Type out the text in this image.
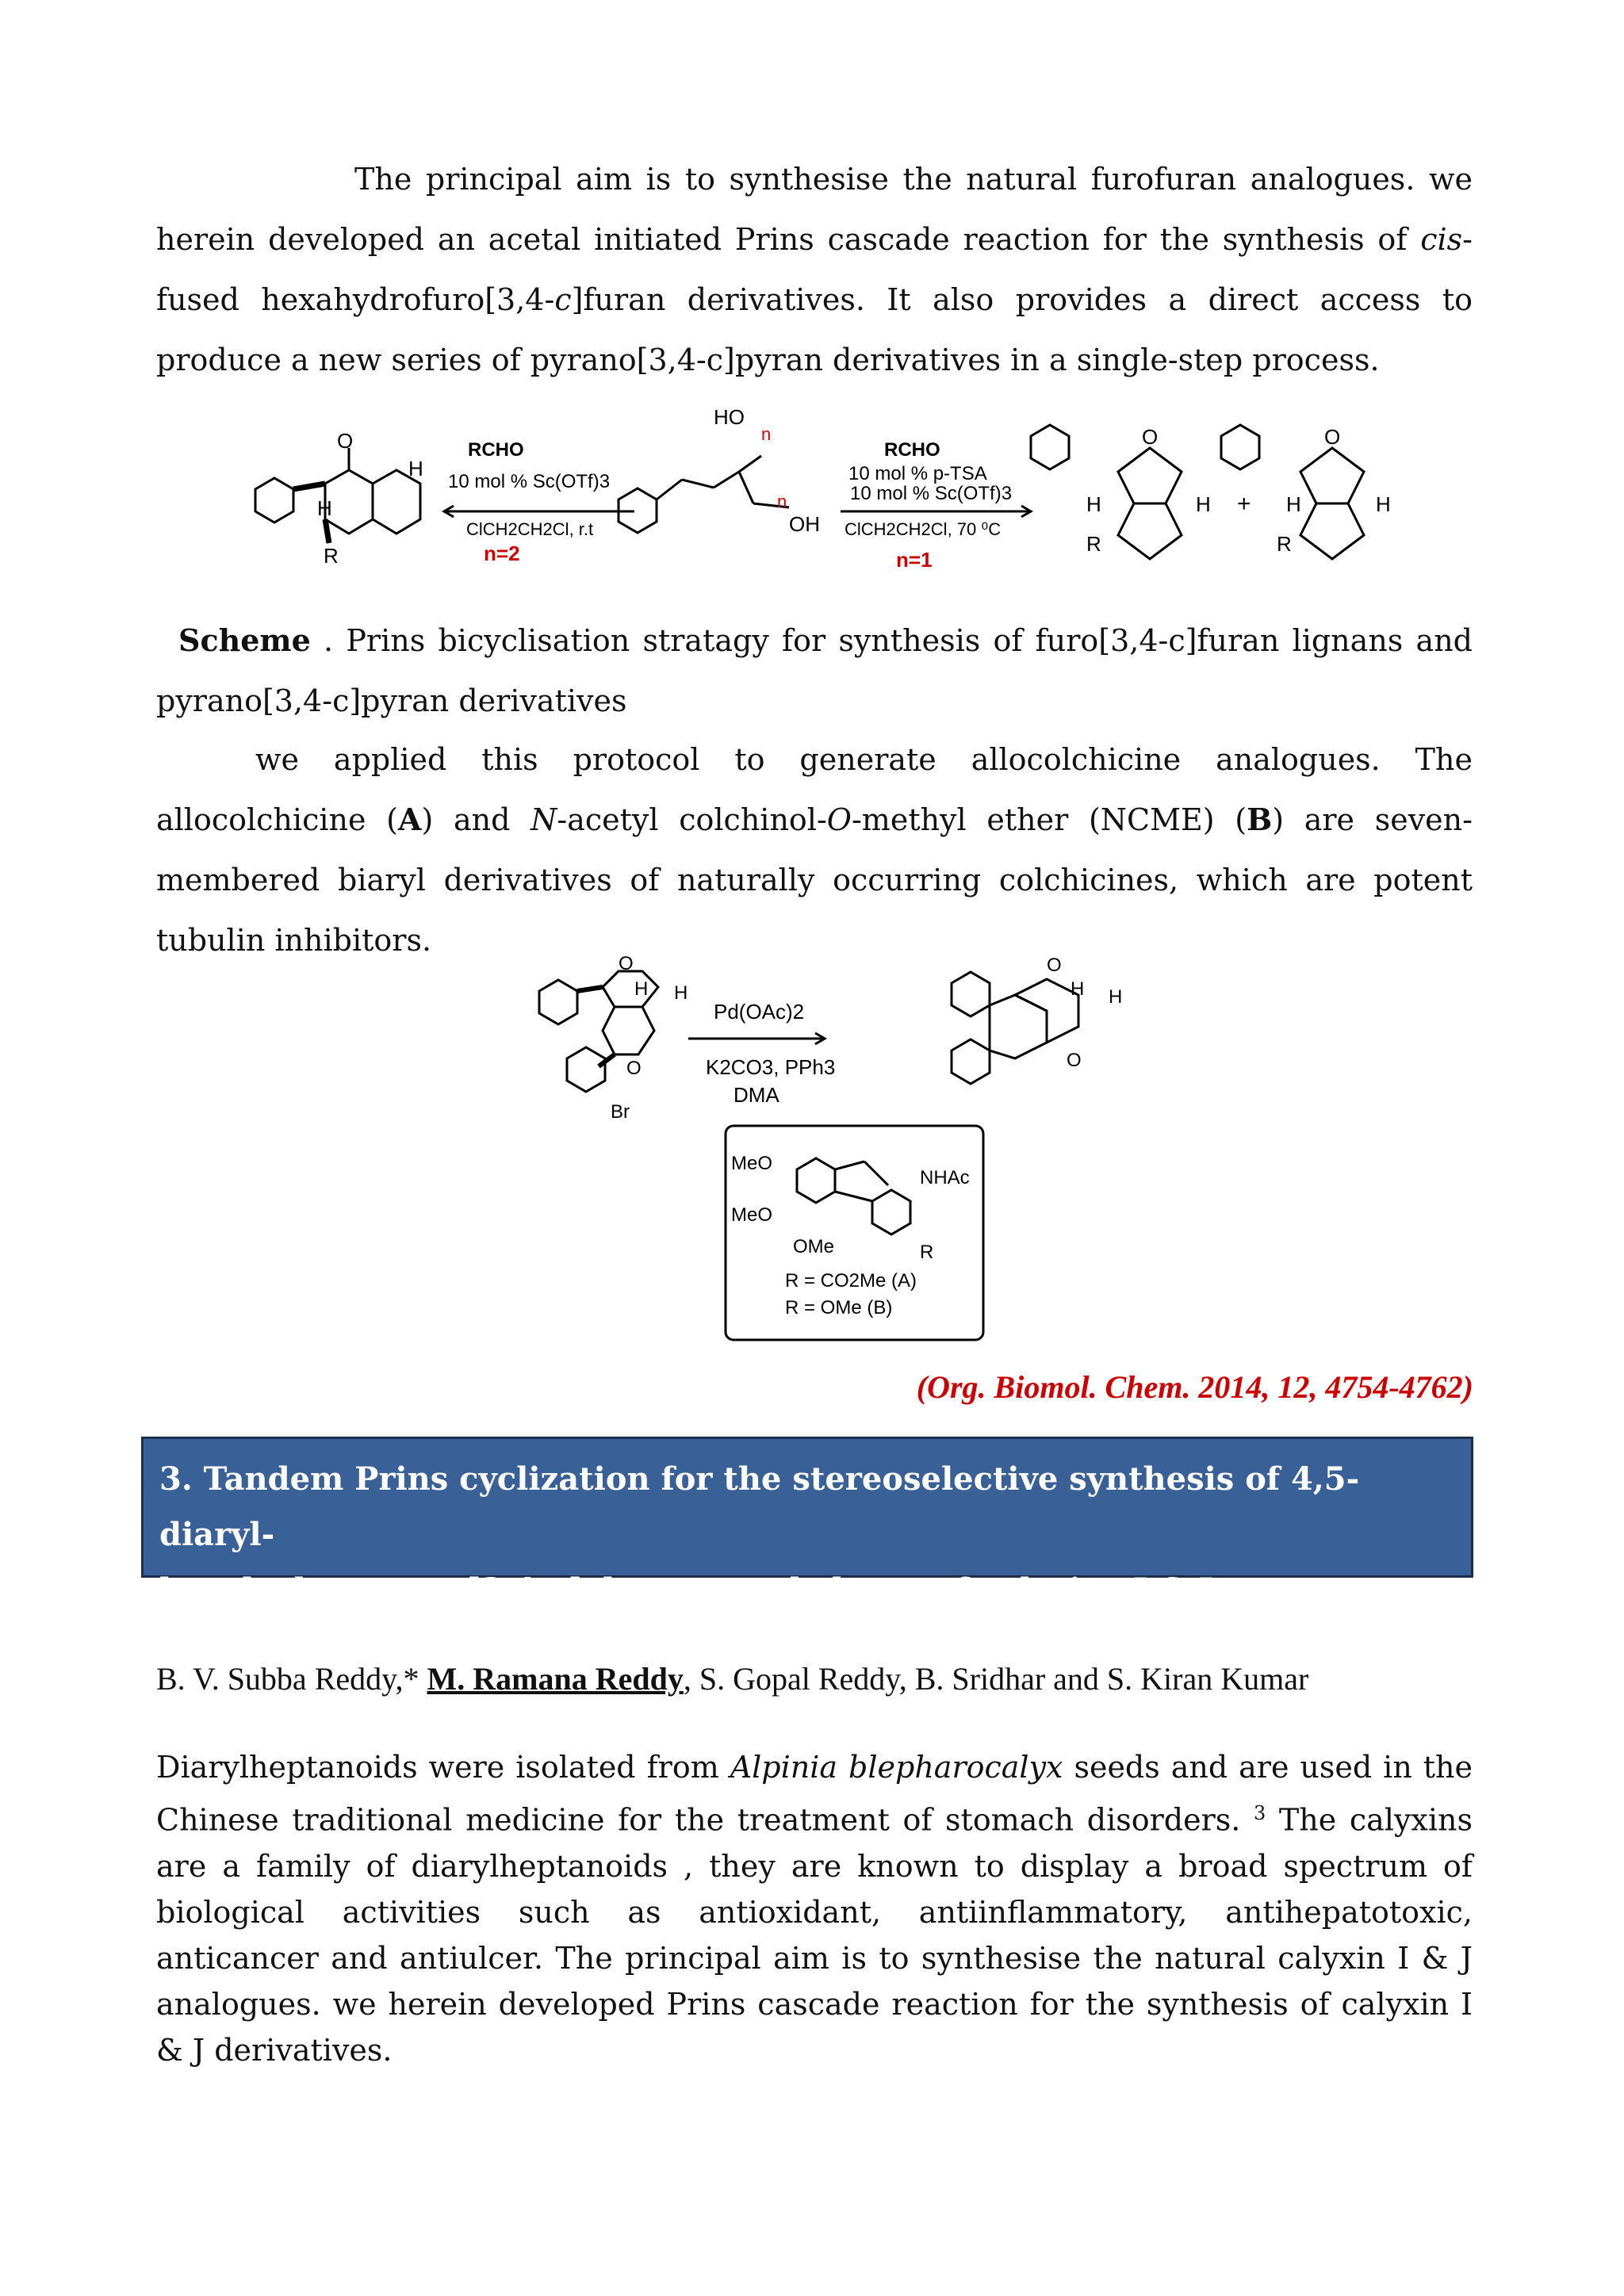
The principal aim is to synthesise the natural furofuran analogues. we herein developed an acetal initiated Prins cascade reaction for the synthesis of cis-fused hexahydrofuro[3,4-c]furan derivatives. It also provides a direct access to produce a new series of pyrano[3,4-c]pyran derivatives in a single-step process.
O
H
H
R
RCHO
10 mol % Sc(OTf)3
ClCH2CH2Cl, r.t
n=2
HO
OH
n
n
RCHO
10 mol % p-TSA
10 mol % Sc(OTf)3
ClCH2CH2Cl, 70 ⁰C
n=1
O
H	H
R
+
O
H	H
R
Scheme . Prins bicyclisation stratagy for synthesis of furo[3,4-c]furan lignans and pyrano[3,4-c]pyran derivatives
we applied this protocol to generate allocolchicine analogues. The allocolchicine (A) and N-acetyl colchinol-O-methyl ether (NCME) (B) are seven- membered biaryl derivatives of naturally occurring colchicines, which are potent tubulin inhibitors.
O
H H
O
Br
Pd(OAc)2
K2CO3, PPh3
DMA
O
H H
O
MeO
MeO
OMe
NHAc
R
R = CO2Me (A)
R = OMe (B)
(Org. Biomol. Chem. 2014, 12, 4754-4762)
3. Tandem Prins cyclization for the stereoselective synthesis of 4,5-diaryl-
hexahydropyrano[3,4-c]chromene skeleton of calyxins I & J.
B. V. Subba Reddy,* M. Ramana Reddy, S. Gopal Reddy, B. Sridhar and S. Kiran Kumar
Diarylheptanoids were isolated from Alpinia blepharocalyx seeds and are used in the Chinese traditional medicine for the treatment of stomach disorders. $^3$ The calyxins are a family of diarylheptanoids , they are known to display a broad spectrum of biological activities such as antioxidant, antiinflammatory, antihepatotoxic, anticancer and antiulcer. The principal aim is to synthesise the natural calyxin I & J analogues. we herein developed Prins cascade reaction for the synthesis of calyxin I & J derivatives.
